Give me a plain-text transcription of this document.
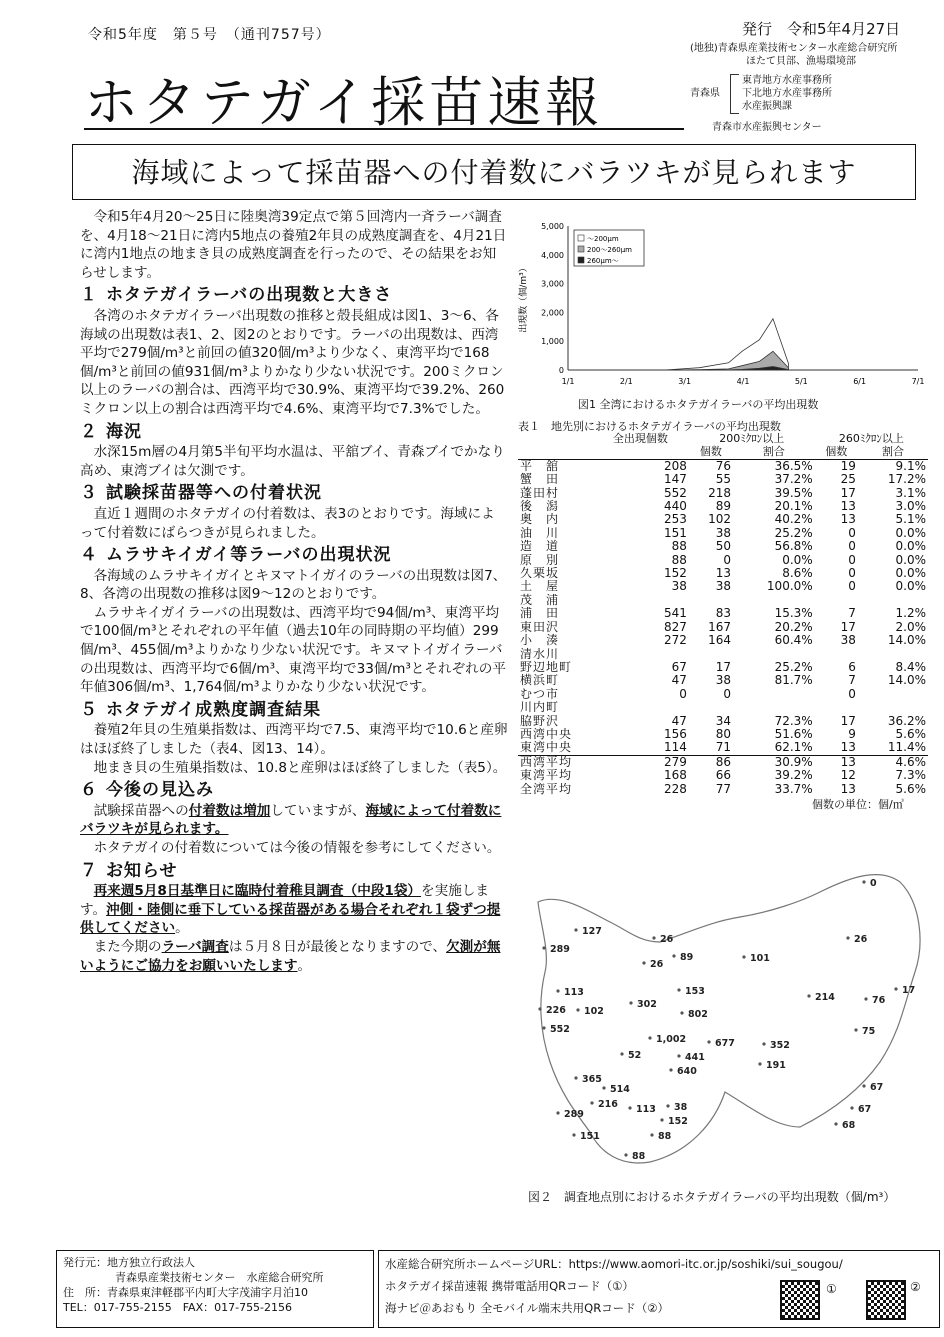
令和5年度　第５号　（通刊757号）	発行　令和5年4月27日
(地独)青森県産業技術センター水産総合研究所
ほたて貝部、漁場環境部
青森県
東青地方水産事務所
下北地方水産事務所
水産振興課
青森市水産振興センター
ホタテガイ採苗速報
海域によって採苗器への付着数にバラツキが見られます

令和5年4月20～25日に陸奥湾39定点で第５回湾内一斉ラーバ調査を、4月18～21日に湾内5地点の養殖2年貝の成熟度調査を、4月21日に湾内1地点の地まき貝の成熟度調査を行ったので、その結果をお知らせします。

１ ホタテガイラーバの出現数と大きさ

各湾のホタテガイラーバ出現数の推移と殻長組成は図1、3～6、各海域の出現数は表1、2、図2のとおりです。ラーバの出現数は、西湾平均で279個/m³と前回の値320個/m³より少なく、東湾平均で168個/m³と前回の値931個/m³よりかなり少ない状況です。200ミクロン以上のラーバの割合は、西湾平均で30.9%、東湾平均で39.2%、260ミクロン以上の割合は西湾平均で4.6%、東湾平均で7.3%でした。

２ 海況

水深15m層の4月第5半旬平均水温は、平舘ブイ、青森ブイでかなり高め、東湾ブイは欠測です。

３ 試験採苗器等への付着状況

直近１週間のホタテガイの付着数は、表3のとおりです。海域によって付着数にばらつきが見られました。

４ ムラサキイガイ等ラーバの出現状況

各海域のムラサキイガイとキヌマトイガイのラーバの出現数は図7、8、各湾の出現数の推移は図9～12のとおりです。

ムラサキイガイラーバの出現数は、西湾平均で94個/m³、東湾平均で100個/m³とそれぞれの平年値（過去10年の同時期の平均値）299個/m³、455個/m³よりかなり少ない状況です。キヌマトイガイラーバの出現数は、西湾平均で6個/m³、東湾平均で33個/m³とそれぞれの平年値306個/m³、1,764個/m³よりかなり少ない状況です。

５ ホタテガイ成熟度調査結果

養殖2年貝の生殖巣指数は、西湾平均で7.5、東湾平均で10.6と産卵はほぼ終了しました（表4、図13、14）。

地まき貝の生殖巣指数は、10.8と産卵はほぼ終了しました（表5）。

６ 今後の見込み

試験採苗器への付着数は増加していますが、海域によって付着数にバラツキが見られます。

ホタテガイの付着数については今後の情報を参考にしてください。

７ お知らせ

再来週5月8日基準日に臨時付着稚貝調査（中段1袋）を実施します。沖側・陸側に垂下している採苗器がある場合それぞれ１袋ずつ提供してください。

また今期のラーバ調査は５月８日が最後となりますので、欠測が無いようにご協力をお願いいたします。

5,000
4,000
3,000
2,000
1,000
0
1/1	2/1	3/1	4/1	5/1	6/1	7/1
出現数（個/m³）
～200μm
200～260μm
260μm～
図1 全湾におけるホタテガイラーバの平均出現数
表１　地先別におけるホタテガイラーバの平均出現数
	全出現個数	200ﾐｸﾛﾝ以上		260ﾐｸﾛﾝ以上	
		個数	割合	個数	割合
平　舘	208	76	36.5%	19	9.1%
蟹　田	147	55	37.2%	25	17.2%
蓬田村	552	218	39.5%	17	3.1%
後　潟	440	89	20.1%	13	3.0%
奥　内	253	102	40.2%	13	5.1%
油　川	151	38	25.2%	0	0.0%
造　道	88	50	56.8%	0	0.0%
原　別	88	0	0.0%	0	0.0%
久栗坂	152	13	8.6%	0	0.0%
土　屋	38	38	100.0%	0	0.0%
茂　浦					
浦　田	541	83	15.3%	7	1.2%
東田沢	827	167	20.2%	17	2.0%
小　湊	272	164	60.4%	38	14.0%
清水川					
野辺地町	67	17	25.2%	6	8.4%
横浜町	47	38	81.7%	7	14.0%
むつ市	0	0		0	
川内町					
脇野沢	47	34	72.3%	17	36.2%
西湾中央	156	80	51.6%	9	5.6%
東湾中央	114	71	62.1%	13	11.4%
西湾平均	279	86	30.9%	13	4.6%
東湾平均	168	66	39.2%	12	7.3%
全湾平均	228	77	33.7%	13	5.6%
個数の単位：個/㎥
0
127
289
26	26
89	101
26
17
113
226 102
302
153
214	76
552
802
75
1,002	677	352
52	441
191
640
365
514
216
289	113 38
152
67
67
68
151	88
88
図２　調査地点別におけるホタテガイラーバの平均出現数（個/m³）
発行元：地方独立行政法人
青森県産業技術センター　水産総合研究所
住　所：青森県東津軽郡平内町大字茂浦字月泊10
TEL：017-755-2155　FAX：017-755-2156
水産総合研究所ホームページURL：https://www.aomori-itc.or.jp/soshiki/sui_sougou/
ホタテガイ採苗速報 携帯電話用QRコード（①）
海ナビ＠あおもり 全モバイル端末共用QRコード（②）
①	②
